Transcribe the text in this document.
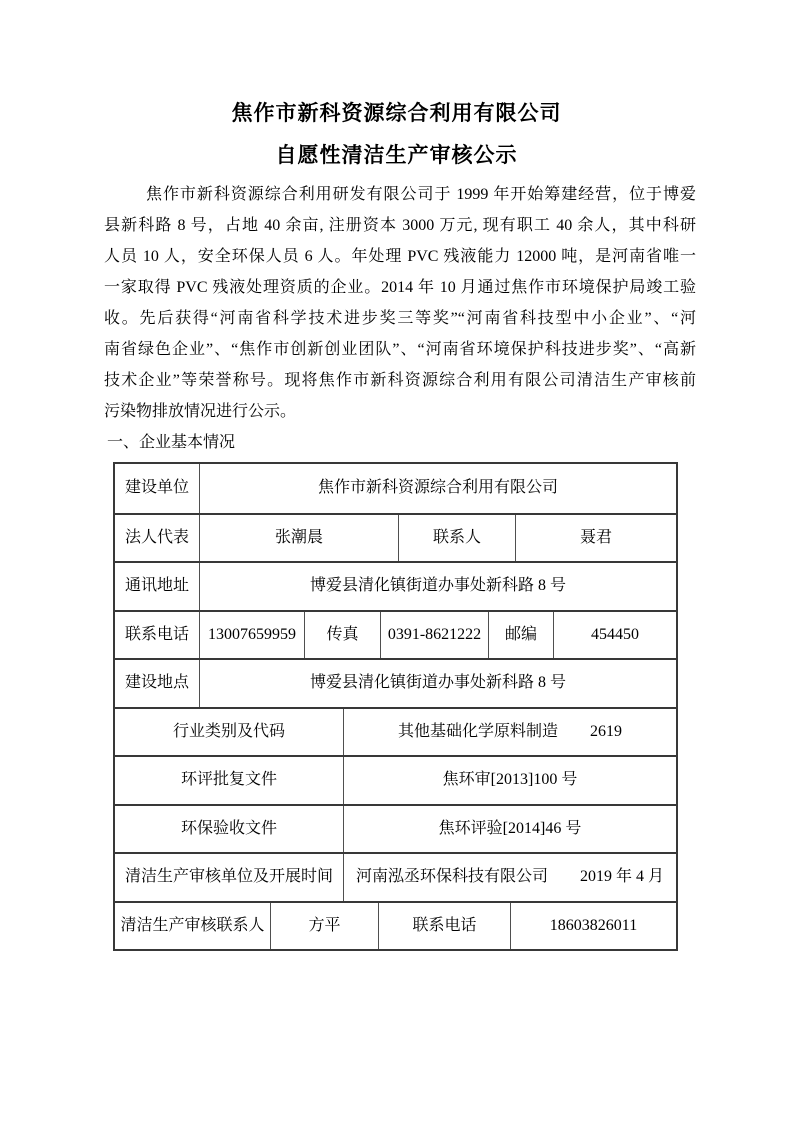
焦作市新科资源综合利用有限公司
自愿性清洁生产审核公示
焦作市新科资源综合利用研发有限公司于 1999 年开始筹建经营，位于博爱
县新科路 8 号，占地 40 余亩, 注册资本 3000 万元, 现有职工 40 余人，其中科研
人员 10 人，安全环保人员 6 人。年处理 PVC 残液能力 12000 吨，是河南省唯一
一家取得 PVC 残液处理资质的企业。2014 年 10 月通过焦作市环境保护局竣工验
收。先后获得“河南省科学技术进步奖三等奖”“河南省科技型中小企业”、“河
南省绿色企业”、“焦作市创新创业团队”、“河南省环境保护科技进步奖”、“高新
技术企业”等荣誉称号。现将焦作市新科资源综合利用有限公司清洁生产审核前
污染物排放情况进行公示。
一、企业基本情况
建设单位	焦作市新科资源综合利用有限公司
法人代表	张潮晨	联系人	聂君
通讯地址	博爱县清化镇街道办事处新科路 8 号
联系电话	13007659959	传真	0391-8621222	邮编	454450
建设地点	博爱县清化镇街道办事处新科路 8 号
行业类别及代码	其他基础化学原料制造　　2619
环评批复文件	焦环审[2013]100 号
环保验收文件	焦环评验[2014]46 号
清洁生产审核单位及开展时间	河南泓丞环保科技有限公司　　2019 年 4 月
清洁生产审核联系人	方平	联系电话	18603826011
